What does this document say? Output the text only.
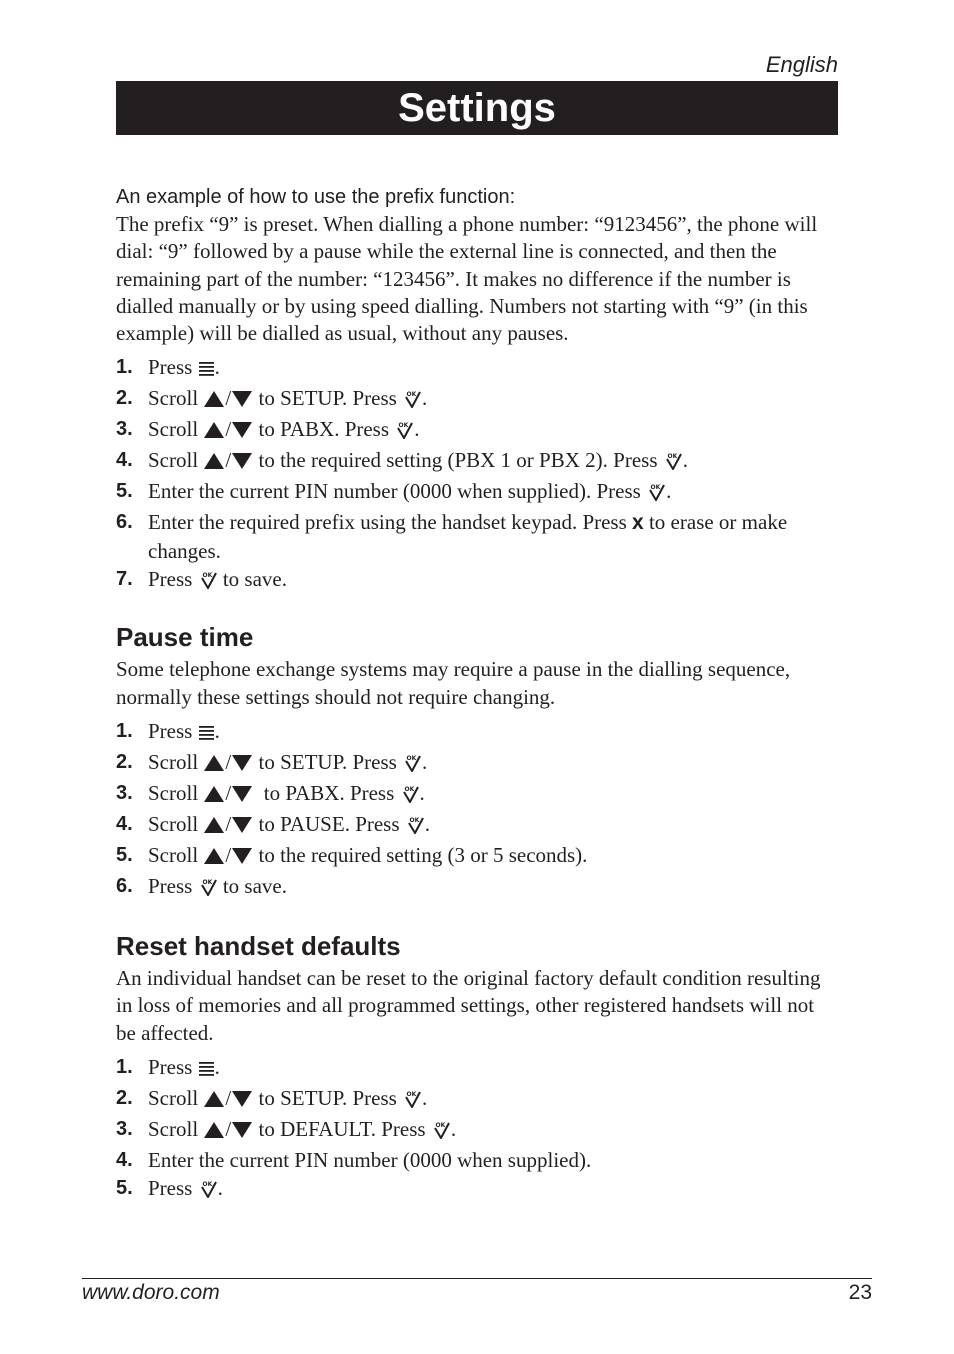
English
Settings
An example of how to use the prefix function:

The prefix “9” is preset. When dialling a phone number: “9123456”, the phone will dial: “9” followed by a pause while the external line is connected, and then the remaining part of the number: “123456”. It makes no difference if the number is dialled manually or by using speed dialling. Numbers not starting with “9” (in this example) will be dialled as usual, without any pauses.

1. Press .
2. Scroll / to SETUP. Press OK .
3. Scroll / to PABX. Press OK .
4. Scroll / to the required setting (PBX 1 or PBX 2). Press OK .
5. Enter the current PIN number (0000 when supplied). Press OK .
6. Enter the required prefix using the handset keypad. Press x to erase or make changes.
7. Press OK to save.
Pause time

Some telephone exchange systems may require a pause in the dialling sequence, normally these settings should not require changing.

1. Press .
2. Scroll / to SETUP. Press OK .
3. Scroll /  to PABX. Press OK .
4. Scroll / to PAUSE. Press OK .
5. Scroll / to the required setting (3 or 5 seconds).
6. Press OK to save.
Reset handset defaults

An individual handset can be reset to the original factory default condition resulting in loss of memories and all programmed settings, other registered handsets will not be affected.

1. Press .
2. Scroll / to SETUP. Press OK .
3. Scroll / to DEFAULT. Press OK .
4. Enter the current PIN number (0000 when supplied).
5. Press OK .
www.doro.com	23
